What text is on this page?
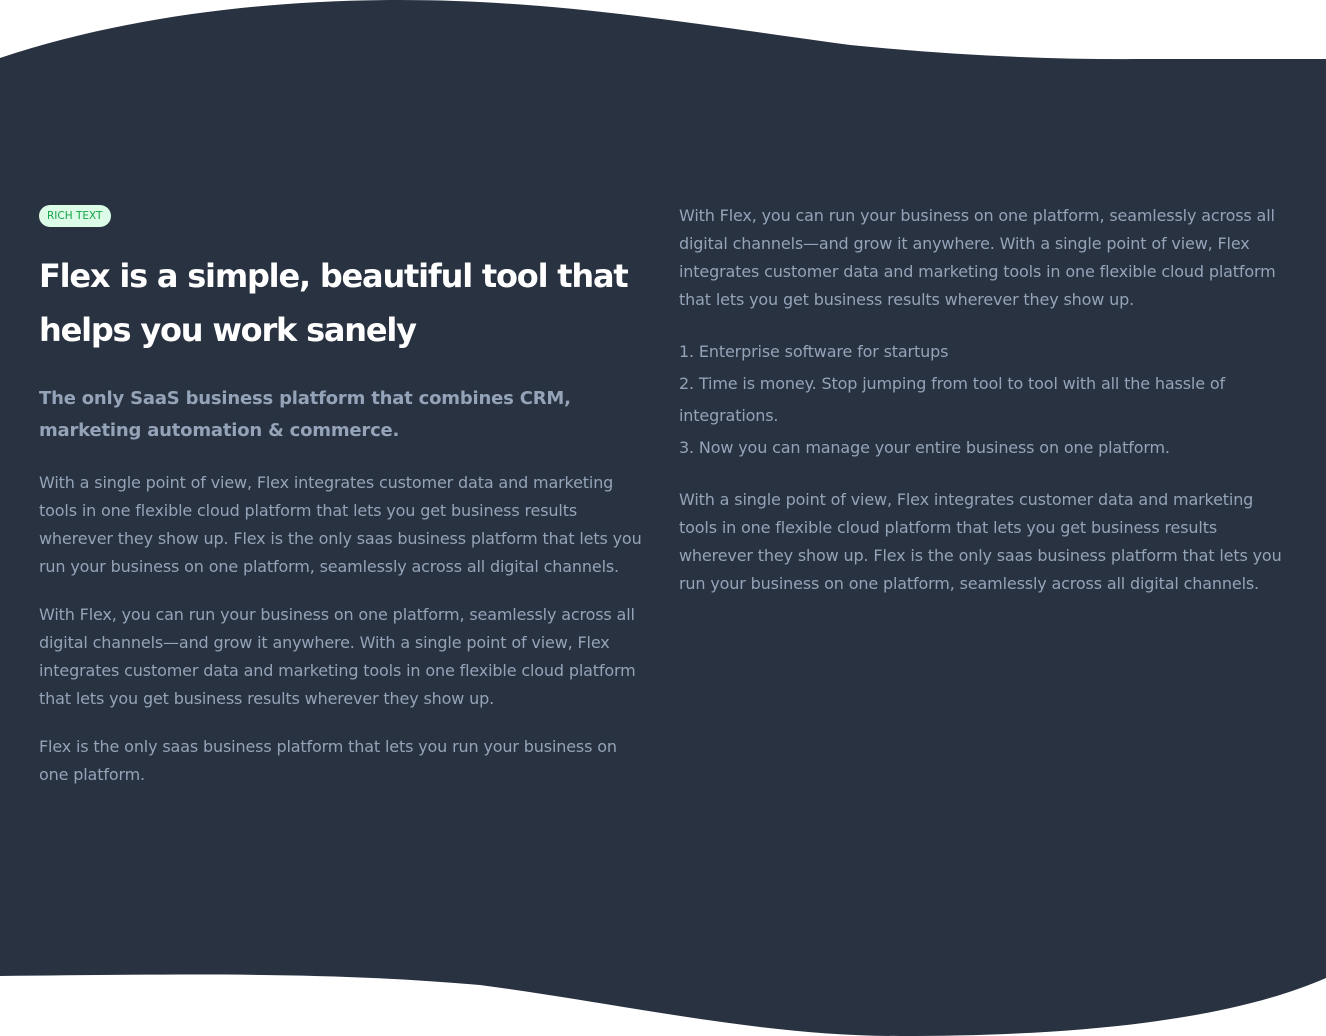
RICH TEXT
Flex is a simple, beautiful tool that helps you work sanely

The only SaaS business platform that combines CRM, marketing automation & commerce.

With a single point of view, Flex integrates customer data and marketing tools in one flexible cloud platform that lets you get business results wherever they show up. Flex is the only saas business platform that lets you run your business on one platform, seamlessly across all digital channels.

With Flex, you can run your business on one platform, seamlessly across all digital channels—and grow it anywhere. With a single point of view, Flex integrates customer data and marketing tools in one flexible cloud platform that lets you get business results wherever they show up.

Flex is the only saas business platform that lets you run your business on one platform.

With Flex, you can run your business on one platform, seamlessly across all digital channels—and grow it anywhere. With a single point of view, Flex integrates customer data and marketing tools in one flexible cloud platform that lets you get business results wherever they show up.

1. Enterprise software for startups
2. Time is money. Stop jumping from tool to tool with all the hassle of integrations.
3. Now you can manage your entire business on one platform.

With a single point of view, Flex integrates customer data and marketing tools in one flexible cloud platform that lets you get business results wherever they show up. Flex is the only saas business platform that lets you run your business on one platform, seamlessly across all digital channels.
